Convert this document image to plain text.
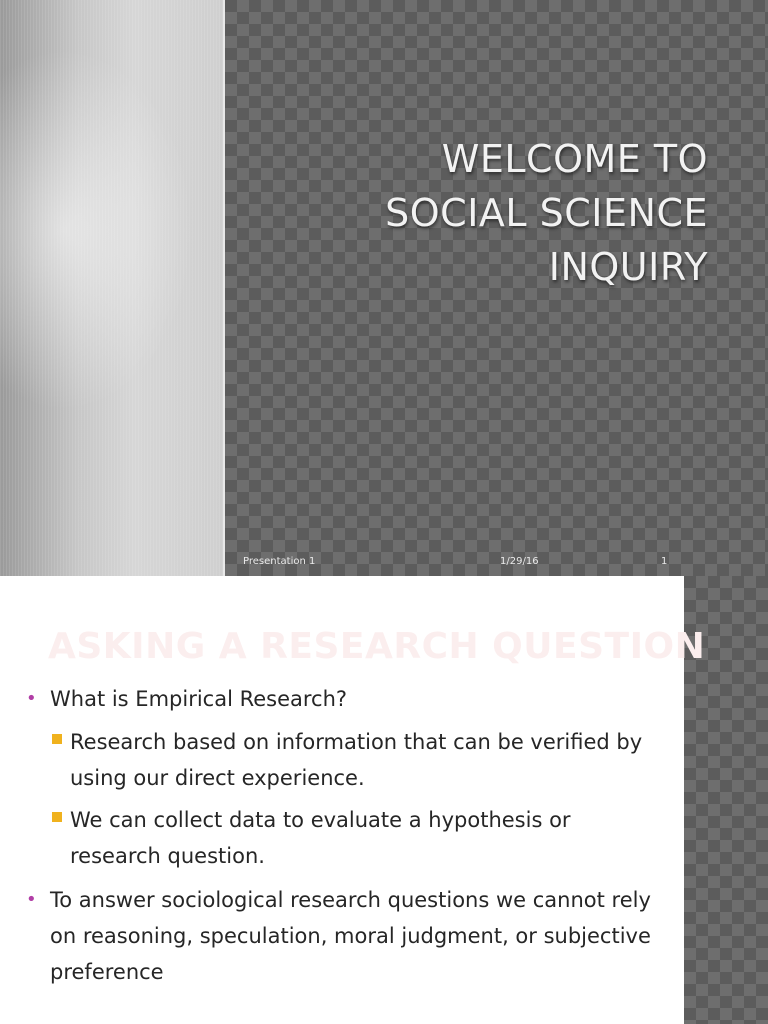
WELCOME TO
SOCIAL SCIENCE
INQUIRY
Presentation 1	1/29/16	1
ASKING A RESEARCH QUESTION
• What is Empirical Research?
Research based on information that can be verified by using our direct experience.
We can collect data to evaluate a hypothesis or research question.
• To answer sociological research questions we cannot rely on reasoning, speculation, moral judgment, or subjective preference
